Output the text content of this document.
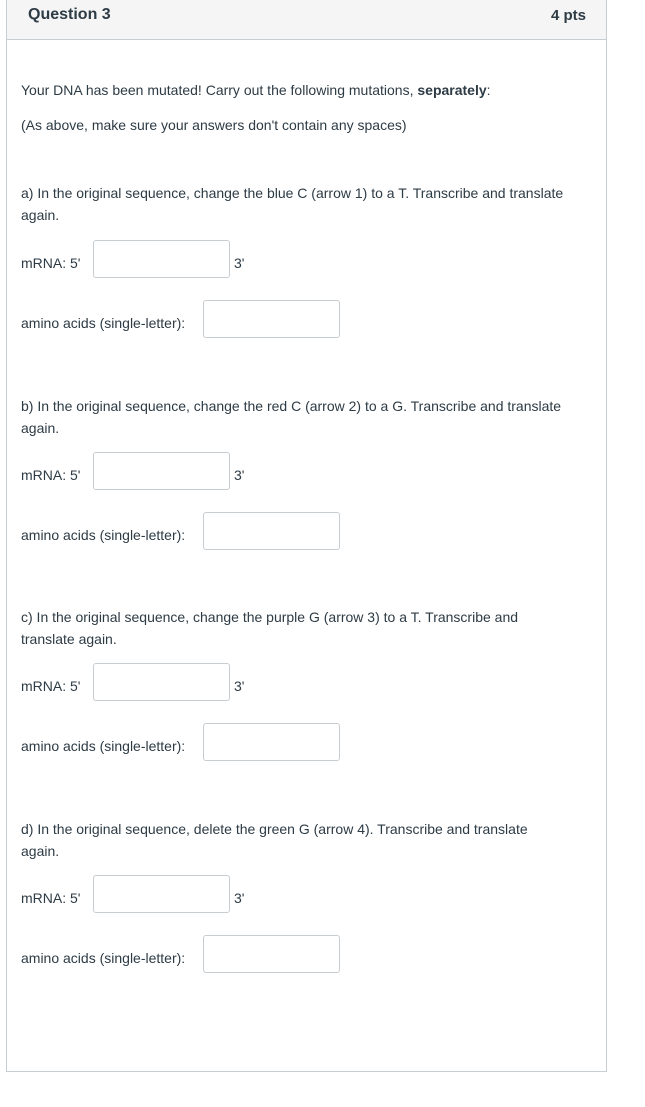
Question 3	4 pts
Your DNA has been mutated! Carry out the following mutations, separately:
(As above, make sure your answers don't contain any spaces)
a) In the original sequence, change the blue C (arrow 1) to a T. Transcribe and translate again.
mRNA: 5'	3'
amino acids (single-letter):
b) In the original sequence, change the red C (arrow 2) to a G. Transcribe and translate again.
mRNA: 5'	3'
amino acids (single-letter):
c) In the original sequence, change the purple G (arrow 3) to a T. Transcribe and translate again.
mRNA: 5'	3'
amino acids (single-letter):
d) In the original sequence, delete the green G (arrow 4). Transcribe and translate again.
mRNA: 5'	3'
amino acids (single-letter):
